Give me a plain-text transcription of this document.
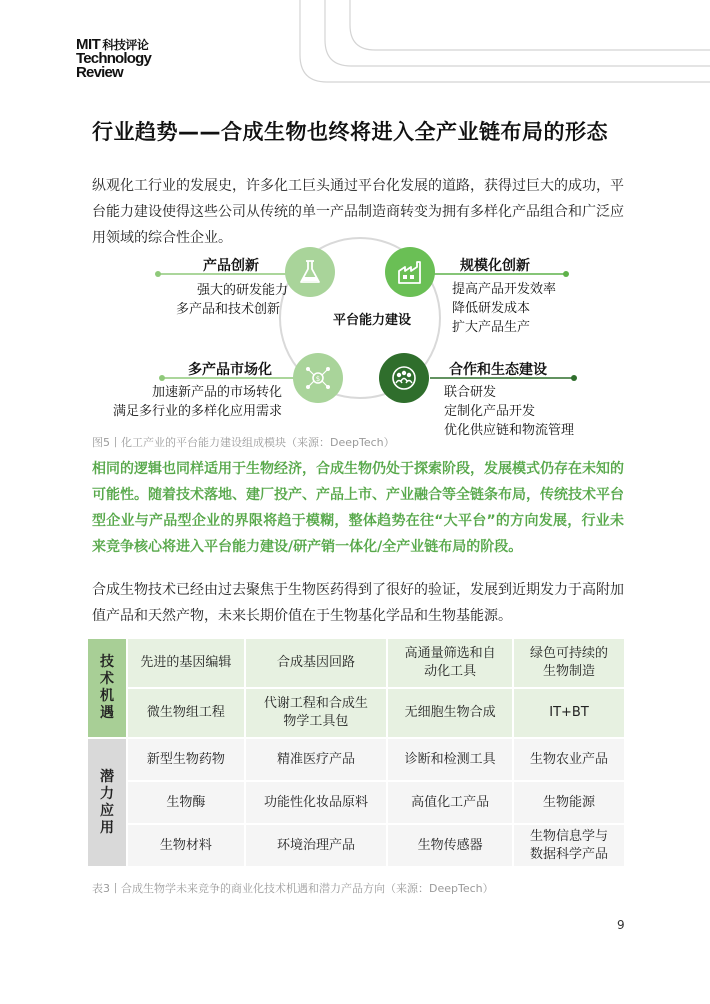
MIT 科技评论
Technology
Review
行业趋势——合成生物也终将进入全产业链布局的形态
纵观化工行业的发展史，许多化工巨头通过平台化发展的道路，获得过巨大的成功，平台能力建设使得这些公司从传统的单一产品制造商转变为拥有多样化产品组合和广泛应用领域的综合性企业。
$
平台能力建设
产品创新
强大的研发能力
多产品和技术创新
规模化创新
提高产品开发效率
降低研发成本
扩大产品生产
多产品市场化
加速新产品的市场转化
满足多行业的多样化应用需求
合作和生态建设
联合研发
定制化产品开发
优化供应链和物流管理
图5丨化工产业的平台能力建设组成模块（来源：DeepTech）
相同的逻辑也同样适用于生物经济，合成生物仍处于探索阶段，发展模式仍存在未知的可能性。随着技术落地、建厂投产、产品上市、产业融合等全链条布局，传统技术平台型企业与产品型企业的界限将趋于模糊，整体趋势在往“大平台”的方向发展，行业未来竞争核心将进入平台能力建设/研产销一体化/全产业链布局的阶段。
合成生物技术已经由过去聚焦于生物医药得到了很好的验证，发展到近期发力于高附加值产品和天然产物，未来长期价值在于生物基化学品和生物基能源。
技术机遇	先进的基因编辑	合成基因回路	高通量筛选和自动化工具	绿色可持续的生物制造

	微生物组工程	代谢工程和合成生物学工具包	无细胞生物合成	IT+BT

潜力应用	新型生物药物	精准医疗产品	诊断和检测工具	生物农业产品
	生物酶	功能性化妆品原料	高值化工产品	生物能源
	生物材料	环境治理产品	生物传感器	生物信息学与数据科学产品
表3丨合成生物学未来竞争的商业化技术机遇和潜力产品方向（来源：DeepTech）
9
